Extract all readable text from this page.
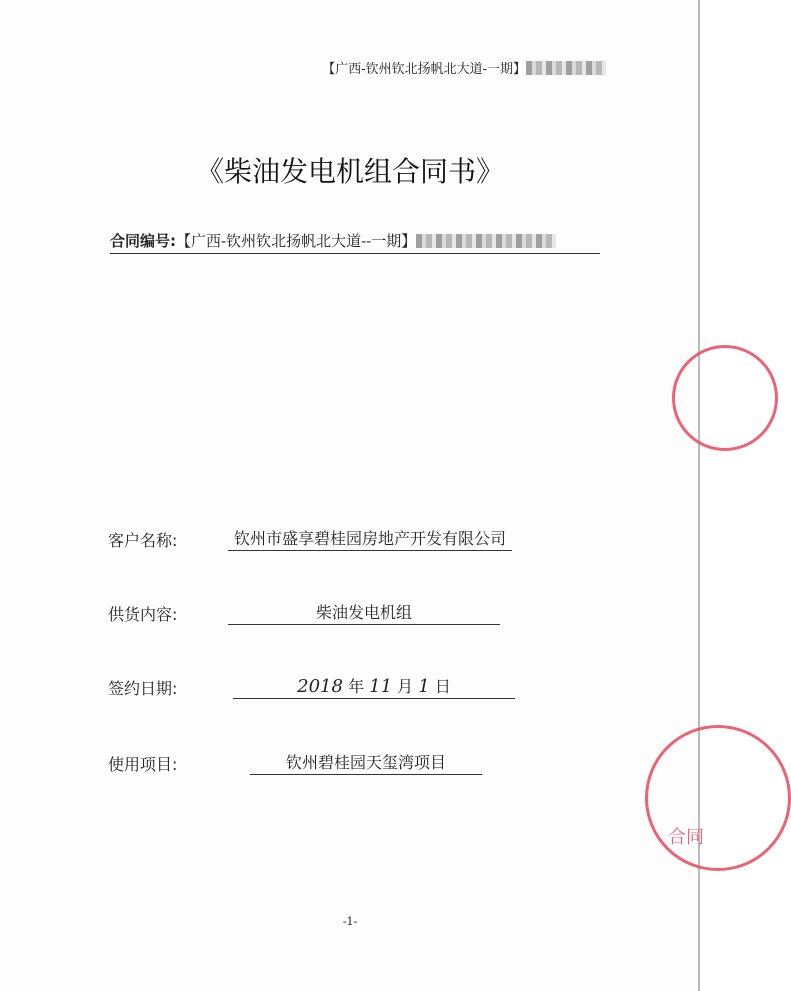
【广西-钦州钦北扬帆北大道-一期】
《柴油发电机组合同书》
合同编号: 【广西-钦州钦北扬帆北大道--一期】
客户名称:	钦州市盛享碧桂园房地产开发有限公司
供货内容:	柴油发电机组
签约日期:	2018 年 11 月 1 日
使用项目:	钦州碧桂园天玺湾项目
-1-
合同
